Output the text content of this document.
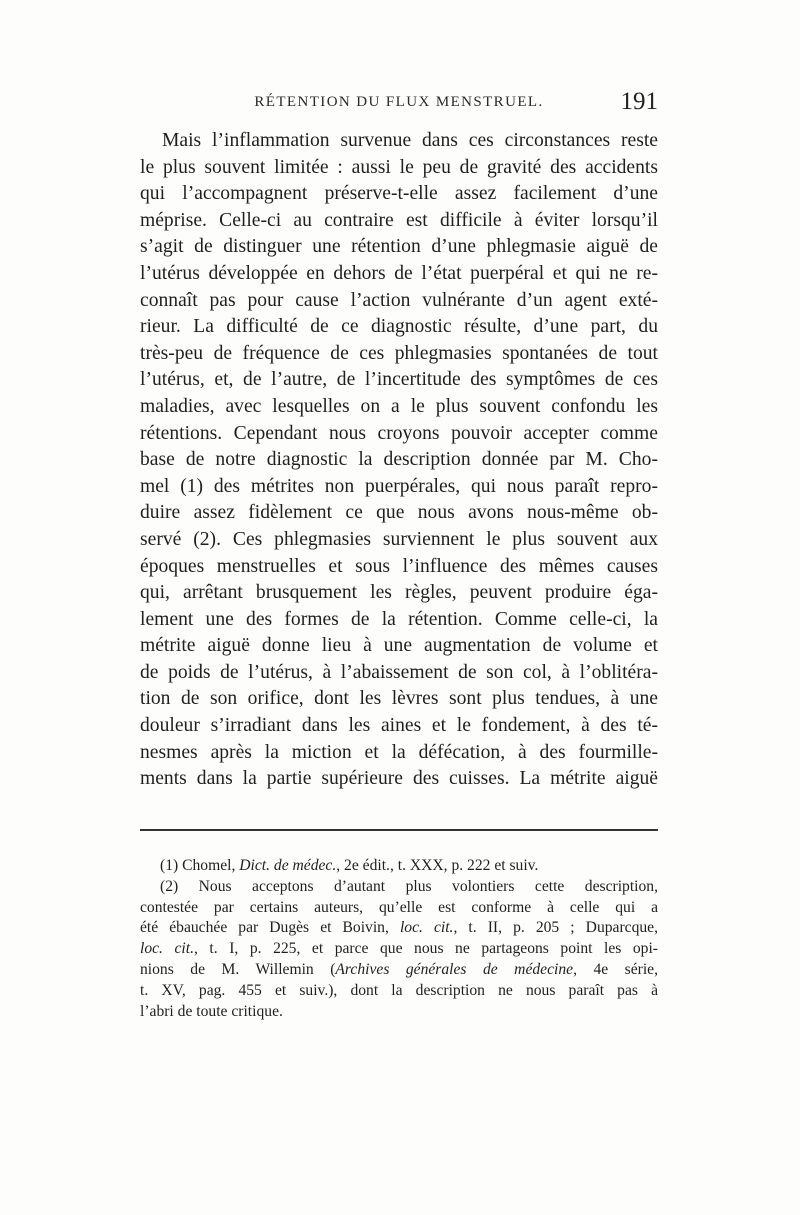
RÉTENTION DU FLUX MENSTRUEL.	191
Mais l’inflammation survenue dans ces circonstances reste
le plus souvent limitée : aussi le peu de gravité des accidents
qui l’accompagnent préserve-t-elle assez facilement d’une
méprise. Celle-ci au contraire est difficile à éviter lorsqu’il
s’agit de distinguer une rétention d’une phlegmasie aiguë de
l’utérus développée en dehors de l’état puerpéral et qui ne re-
connaît pas pour cause l’action vulnérante d’un agent exté-
rieur. La difficulté de ce diagnostic résulte, d’une part, du
très-peu de fréquence de ces phlegmasies spontanées de tout
l’utérus, et, de l’autre, de l’incertitude des symptômes de ces
maladies, avec lesquelles on a le plus souvent confondu les
rétentions. Cependant nous croyons pouvoir accepter comme
base de notre diagnostic la description donnée par M. Cho-
mel (1) des métrites non puerpérales, qui nous paraît repro-
duire assez fidèlement ce que nous avons nous-même ob-
servé (2). Ces phlegmasies surviennent le plus souvent aux
époques menstruelles et sous l’influence des mêmes causes
qui, arrêtant brusquement les règles, peuvent produire éga-
lement une des formes de la rétention. Comme celle-ci, la
métrite aiguë donne lieu à une augmentation de volume et
de poids de l’utérus, à l’abaissement de son col, à l’oblitéra-
tion de son orifice, dont les lèvres sont plus tendues, à une
douleur s’irradiant dans les aines et le fondement, à des té-
nesmes après la miction et la défécation, à des fourmille-
ments dans la partie supérieure des cuisses. La métrite aiguë
(1) Chomel, Dict. de médec., 2e édit., t. XXX, p. 222 et suiv.
(2) Nous acceptons d’autant plus volontiers cette description,
contestée par certains auteurs, qu’elle est conforme à celle qui a
été ébauchée par Dugès et Boivin, loc. cit., t. II, p. 205 ; Duparcque,
loc. cit., t. I, p. 225, et parce que nous ne partageons point les opi-
nions de M. Willemin (Archives générales de médecine, 4e série,
t. XV, pag. 455 et suiv.), dont la description ne nous paraît pas à
l’abri de toute critique.
